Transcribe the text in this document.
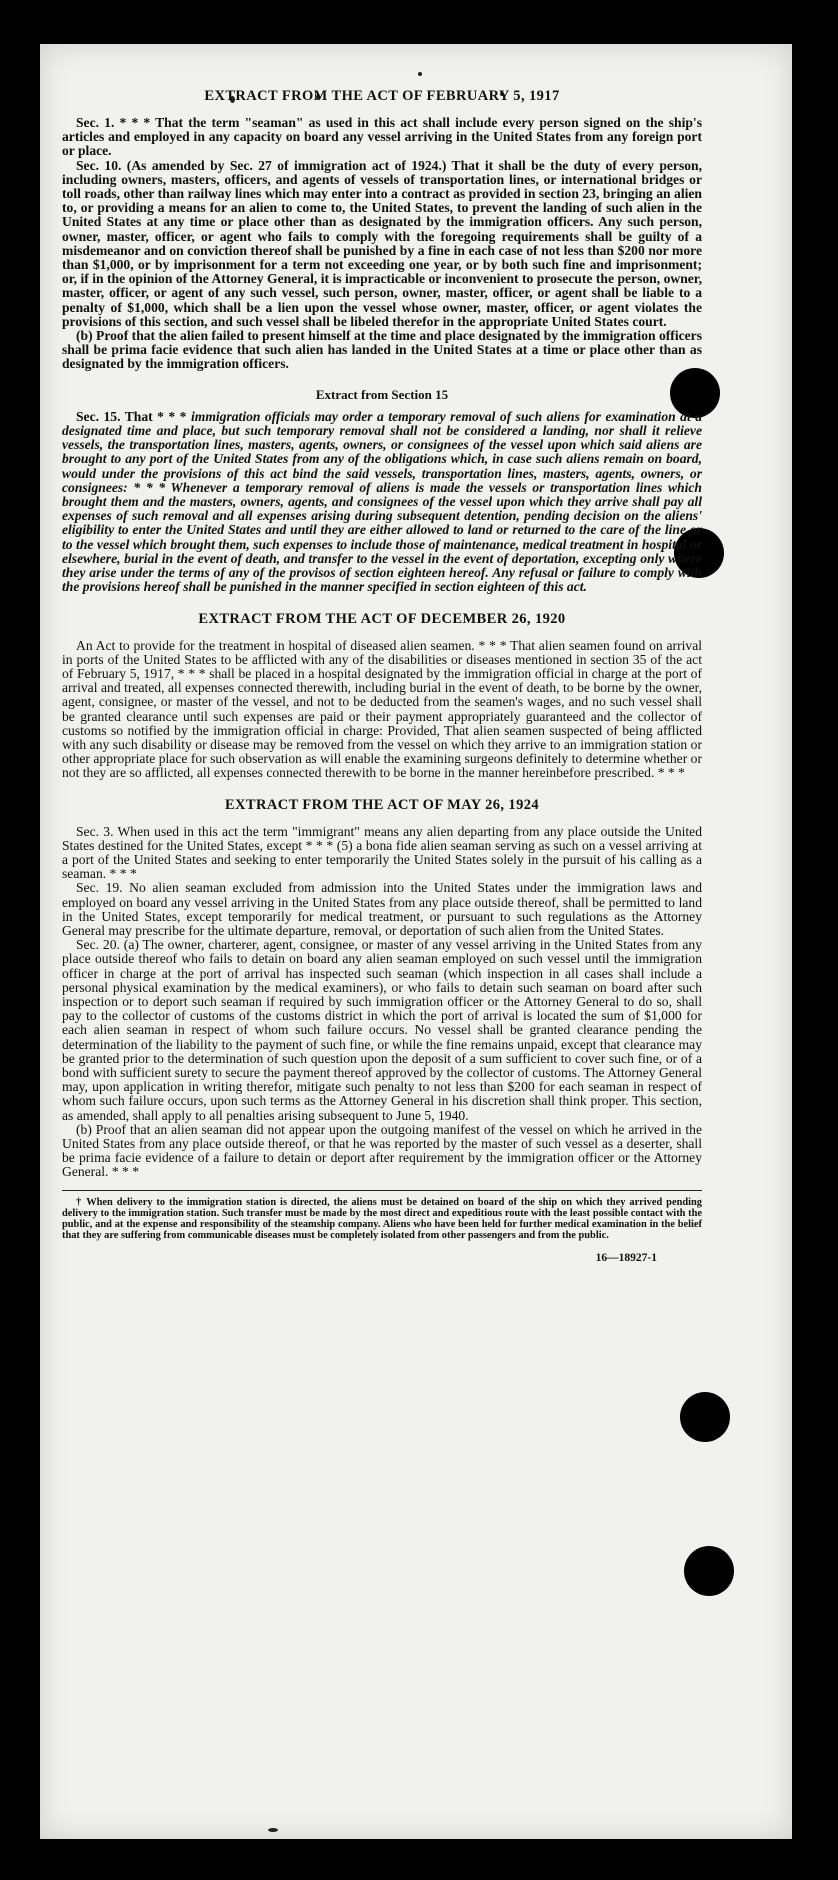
EXTRACT FROM THE ACT OF FEBRUARY 5, 1917

Sec. 1. * * * That the term "seaman" as used in this act shall include every person signed on the ship's articles and employed in any capacity on board any vessel arriving in the United States from any foreign port or place.

Sec. 10. (As amended by Sec. 27 of immigration act of 1924.) That it shall be the duty of every person, including owners, masters, officers, and agents of vessels of transportation lines, or international bridges or toll roads, other than railway lines which may enter into a contract as provided in section 23, bringing an alien to, or providing a means for an alien to come to, the United States, to prevent the landing of such alien in the United States at any time or place other than as designated by the immigration officers. Any such person, owner, master, officer, or agent who fails to comply with the foregoing requirements shall be guilty of a misdemeanor and on conviction thereof shall be punished by a fine in each case of not less than $200 nor more than $1,000, or by imprisonment for a term not exceeding one year, or by both such fine and imprisonment; or, if in the opinion of the Attorney General, it is impracticable or inconvenient to prosecute the person, owner, master, officer, or agent of any such vessel, such person, owner, master, officer, or agent shall be liable to a penalty of $1,000, which shall be a lien upon the vessel whose owner, master, officer, or agent violates the provisions of this section, and such vessel shall be libeled therefor in the appropriate United States court.

(b) Proof that the alien failed to present himself at the time and place designated by the immigration officers shall be prima facie evidence that such alien has landed in the United States at a time or place other than as designated by the immigration officers.

Extract from Section 15

Sec. 15. That * * * immigration officials may order a temporary removal of such aliens for examination at a designated time and place, but such temporary removal shall not be considered a landing, nor shall it relieve vessels, the transportation lines, masters, agents, owners, or consignees of the vessel upon which said aliens are brought to any port of the United States from any of the obligations which, in case such aliens remain on board, would under the provisions of this act bind the said vessels, transportation lines, masters, agents, owners, or consignees: * * * Whenever a temporary removal of aliens is made the vessels or transportation lines which brought them and the masters, owners, agents, and consignees of the vessel upon which they arrive shall pay all expenses of such removal and all expenses arising during subsequent detention, pending decision on the aliens' eligibility to enter the United States and until they are either allowed to land or returned to the care of the line or to the vessel which brought them, such expenses to include those of maintenance, medical treatment in hospital or elsewhere, burial in the event of death, and transfer to the vessel in the event of deportation, excepting only where they arise under the terms of any of the provisos of section eighteen hereof. Any refusal or failure to comply with the provisions hereof shall be punished in the manner specified in section eighteen of this act.

EXTRACT FROM THE ACT OF DECEMBER 26, 1920

An Act to provide for the treatment in hospital of diseased alien seamen. * * * That alien seamen found on arrival in ports of the United States to be afflicted with any of the disabilities or diseases mentioned in section 35 of the act of February 5, 1917, * * * shall be placed in a hospital designated by the immigration official in charge at the port of arrival and treated, all expenses connected therewith, including burial in the event of death, to be borne by the owner, agent, consignee, or master of the vessel, and not to be deducted from the seamen's wages, and no such vessel shall be granted clearance until such expenses are paid or their payment appropriately guaranteed and the collector of customs so notified by the immigration official in charge: Provided, That alien seamen suspected of being afflicted with any such disability or disease may be removed from the vessel on which they arrive to an immigration station or other appropriate place for such observation as will enable the examining surgeons definitely to determine whether or not they are so afflicted, all expenses connected therewith to be borne in the manner hereinbefore prescribed. * * *

EXTRACT FROM THE ACT OF MAY 26, 1924

Sec. 3. When used in this act the term "immigrant" means any alien departing from any place outside the United States destined for the United States, except * * * (5) a bona fide alien seaman serving as such on a vessel arriving at a port of the United States and seeking to enter temporarily the United States solely in the pursuit of his calling as a seaman. * * *

Sec. 19. No alien seaman excluded from admission into the United States under the immigration laws and employed on board any vessel arriving in the United States from any place outside thereof, shall be permitted to land in the United States, except temporarily for medical treatment, or pursuant to such regulations as the Attorney General may prescribe for the ultimate departure, removal, or deportation of such alien from the United States.

Sec. 20. (a) The owner, charterer, agent, consignee, or master of any vessel arriving in the United States from any place outside thereof who fails to detain on board any alien seaman employed on such vessel until the immigration officer in charge at the port of arrival has inspected such seaman (which inspection in all cases shall include a personal physical examination by the medical examiners), or who fails to detain such seaman on board after such inspection or to deport such seaman if required by such immigration officer or the Attorney General to do so, shall pay to the collector of customs of the customs district in which the port of arrival is located the sum of $1,000 for each alien seaman in respect of whom such failure occurs. No vessel shall be granted clearance pending the determination of the liability to the payment of such fine, or while the fine remains unpaid, except that clearance may be granted prior to the determination of such question upon the deposit of a sum sufficient to cover such fine, or of a bond with sufficient surety to secure the payment thereof approved by the collector of customs. The Attorney General may, upon application in writing therefor, mitigate such penalty to not less than $200 for each seaman in respect of whom such failure occurs, upon such terms as the Attorney General in his discretion shall think proper. This section, as amended, shall apply to all penalties arising subsequent to June 5, 1940.

(b) Proof that an alien seaman did not appear upon the outgoing manifest of the vessel on which he arrived in the United States from any place outside thereof, or that he was reported by the master of such vessel as a deserter, shall be prima facie evidence of a failure to detain or deport after requirement by the immigration officer or the Attorney General. * * *

† When delivery to the immigration station is directed, the aliens must be detained on board of the ship on which they arrived pending delivery to the immigration station. Such transfer must be made by the most direct and expeditious route with the least possible contact with the public, and at the expense and responsibility of the steamship company. Aliens who have been held for further medical examination in the belief that they are suffering from communicable diseases must be completely isolated from other passengers and from the public.
16—18927-1
